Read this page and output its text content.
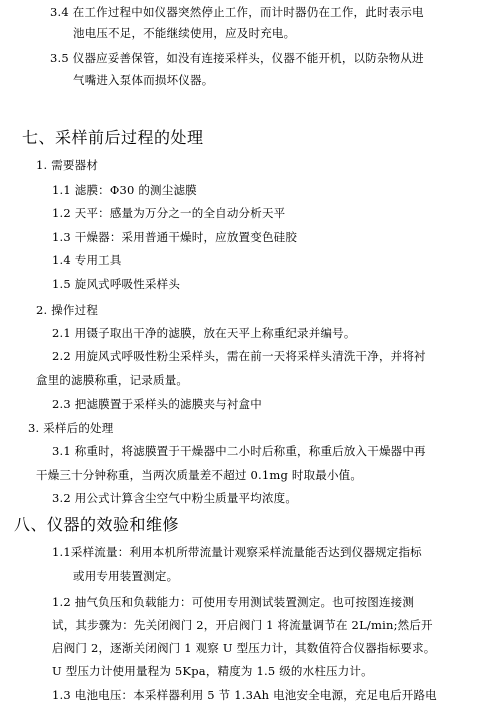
3.4 在工作过程中如仪器突然停止工作，而计时器仍在工作，此时表示电
池电压不足，不能继续使用，应及时充电。
3.5 仪器应妥善保管，如没有连接采样头，仪器不能开机，以防杂物从进
气嘴进入泵体而损坏仪器。
七、采样前后过程的处理
1. 需要器材
1.1 滤膜：Φ30 的测尘滤膜
1.2 天平：感量为万分之一的全自动分析天平
1.3 干燥器：采用普通干燥时，应放置变色硅胶
1.4 专用工具
1.5 旋风式呼吸性采样头
2. 操作过程
2.1 用镊子取出干净的滤膜，放在天平上称重纪录并编号。
2.2 用旋风式呼吸性粉尘采样头，需在前一天将采样头清洗干净，并将衬
盒里的滤膜称重，记录质量。
2.3 把滤膜置于采样头的滤膜夹与衬盒中
3. 采样后的处理
3.1 称重时，将滤膜置于干燥器中二小时后称重，称重后放入干燥器中再
干燥三十分钟称重，当两次质量差不超过 0.1mg 时取最小值。
3.2 用公式计算含尘空气中粉尘质量平均浓度。
八、仪器的效验和维修
1.1采样流量：利用本机所带流量计观察采样流量能否达到仪器规定指标
或用专用装置测定。
1.2 抽气负压和负载能力：可使用专用测试装置测定。也可按图连接测
试，其步骤为：先关闭阀门 2，开启阀门 1 将流量调节在 2L/min;然后开
启阀门 2，逐渐关闭阀门 1 观察 U 型压力计，其数值符合仪器指标要求。
U 型压力计使用量程为 5Kpa，精度为 1.5 级的水柱压力计。
1.3 电池电压：本采样器利用 5 节 1.3Ah 电池安全电源，充足电后开路电
